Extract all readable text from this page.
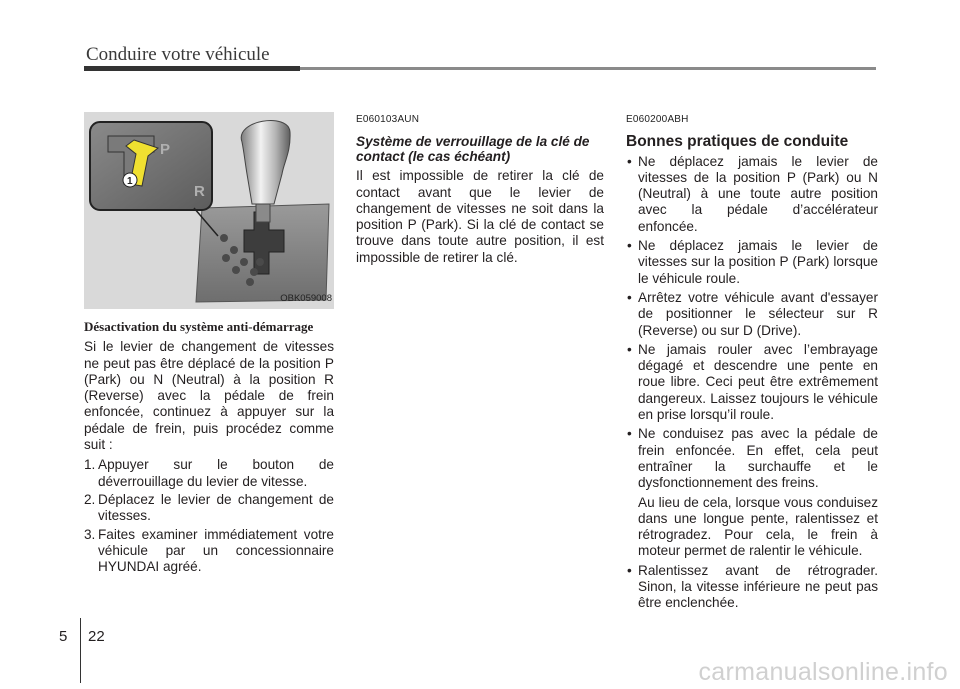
Conduire votre véhicule
P
R
1
OBK059008
Désactivation du système anti-démarrage

Si le levier de changement de vitesses ne peut pas être déplacé de la position P (Park) ou N (Neutral) à la position R (Reverse) avec la pédale de frein enfoncée, continuez à appuyer sur la pédale de frein, puis procédez comme suit :

1. Appuyer sur le bouton de déverrouillage du levier de vitesse.
2. Déplacez le levier de changement de vitesses.
3. Faites examiner immédiatement votre véhicule par un concessionnaire HYUNDAI agréé.
E060103AUN
Système de verrouillage de la clé de contact (le cas échéant)

Il est impossible de retirer la clé de contact avant que le levier de changement de vitesses ne soit dans la position P (Park). Si la clé de contact se trouve dans toute autre position, il est impossible de retirer la clé.

E060200ABH
Bonnes pratiques de conduite
• Ne déplacez jamais le levier de vitesses de la position P (Park) ou N (Neutral) à une toute autre position avec la pédale d’accélérateur enfoncée.
• Ne déplacez jamais le levier de vitesses sur la position P (Park) lorsque le véhicule roule.
• Arrêtez votre véhicule avant d'essayer de positionner le sélecteur sur R (Reverse) ou sur D (Drive).
• Ne jamais rouler avec l’embrayage dégagé et descendre une pente en roue libre. Ceci peut être extrêmement dangereux. Laissez toujours le véhicule en prise lorsqu’il roule.
• Ne conduisez pas avec la pédale de frein enfoncée. En effet, cela peut entraîner la surchauffe et le dysfonctionnement des freins.
Au lieu de cela, lorsque vous conduisez dans une longue pente, ralentissez et rétrogradez. Pour cela, le frein à moteur permet de ralentir le véhicule.
• Ralentissez avant de rétrograder. Sinon, la vitesse inférieure ne peut pas être enclenchée.
5 22
carmanualsonline.info
